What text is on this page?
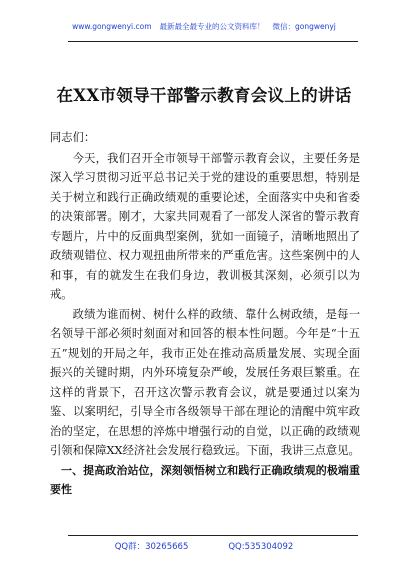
www.gongwenyi.com 最新最全最专业的公文资料库！ 微信：gongwenyj
在XX市领导干部警示教育会议上的讲话

同志们：

今天，我们召开全市领导干部警示教育会议，主要任务是深入学习贯彻习近平总书记关于党的建设的重要思想，特别是关于树立和践行正确政绩观的重要论述，全面落实中央和省委的决策部署。刚才，大家共同观看了一部发人深省的警示教育专题片，片中的反面典型案例，犹如一面镜子，清晰地照出了政绩观错位、权力观扭曲所带来的严重危害。这些案例中的人和事，有的就发生在我们身边，教训极其深刻，必须引以为戒。

政绩为谁而树、树什么样的政绩、靠什么树政绩，是每一名领导干部必须时刻面对和回答的根本性问题。今年是“十五五”规划的开局之年，我市正处在推动高质量发展、实现全面振兴的关键时期，内外环境复杂严峻，发展任务艰巨繁重。在这样的背景下，召开这次警示教育会议，就是要通过以案为鉴、以案明纪，引导全市各级领导干部在理论的清醒中筑牢政治的坚定，在思想的淬炼中增强行动的自觉，以正确的政绩观引领和保障XX经济社会发展行稳致远。下面，我讲三点意见。

一、提高政治站位，深刻领悟树立和践行正确政绩观的极端重要性

QQ群：30265665	QQ:535304092
